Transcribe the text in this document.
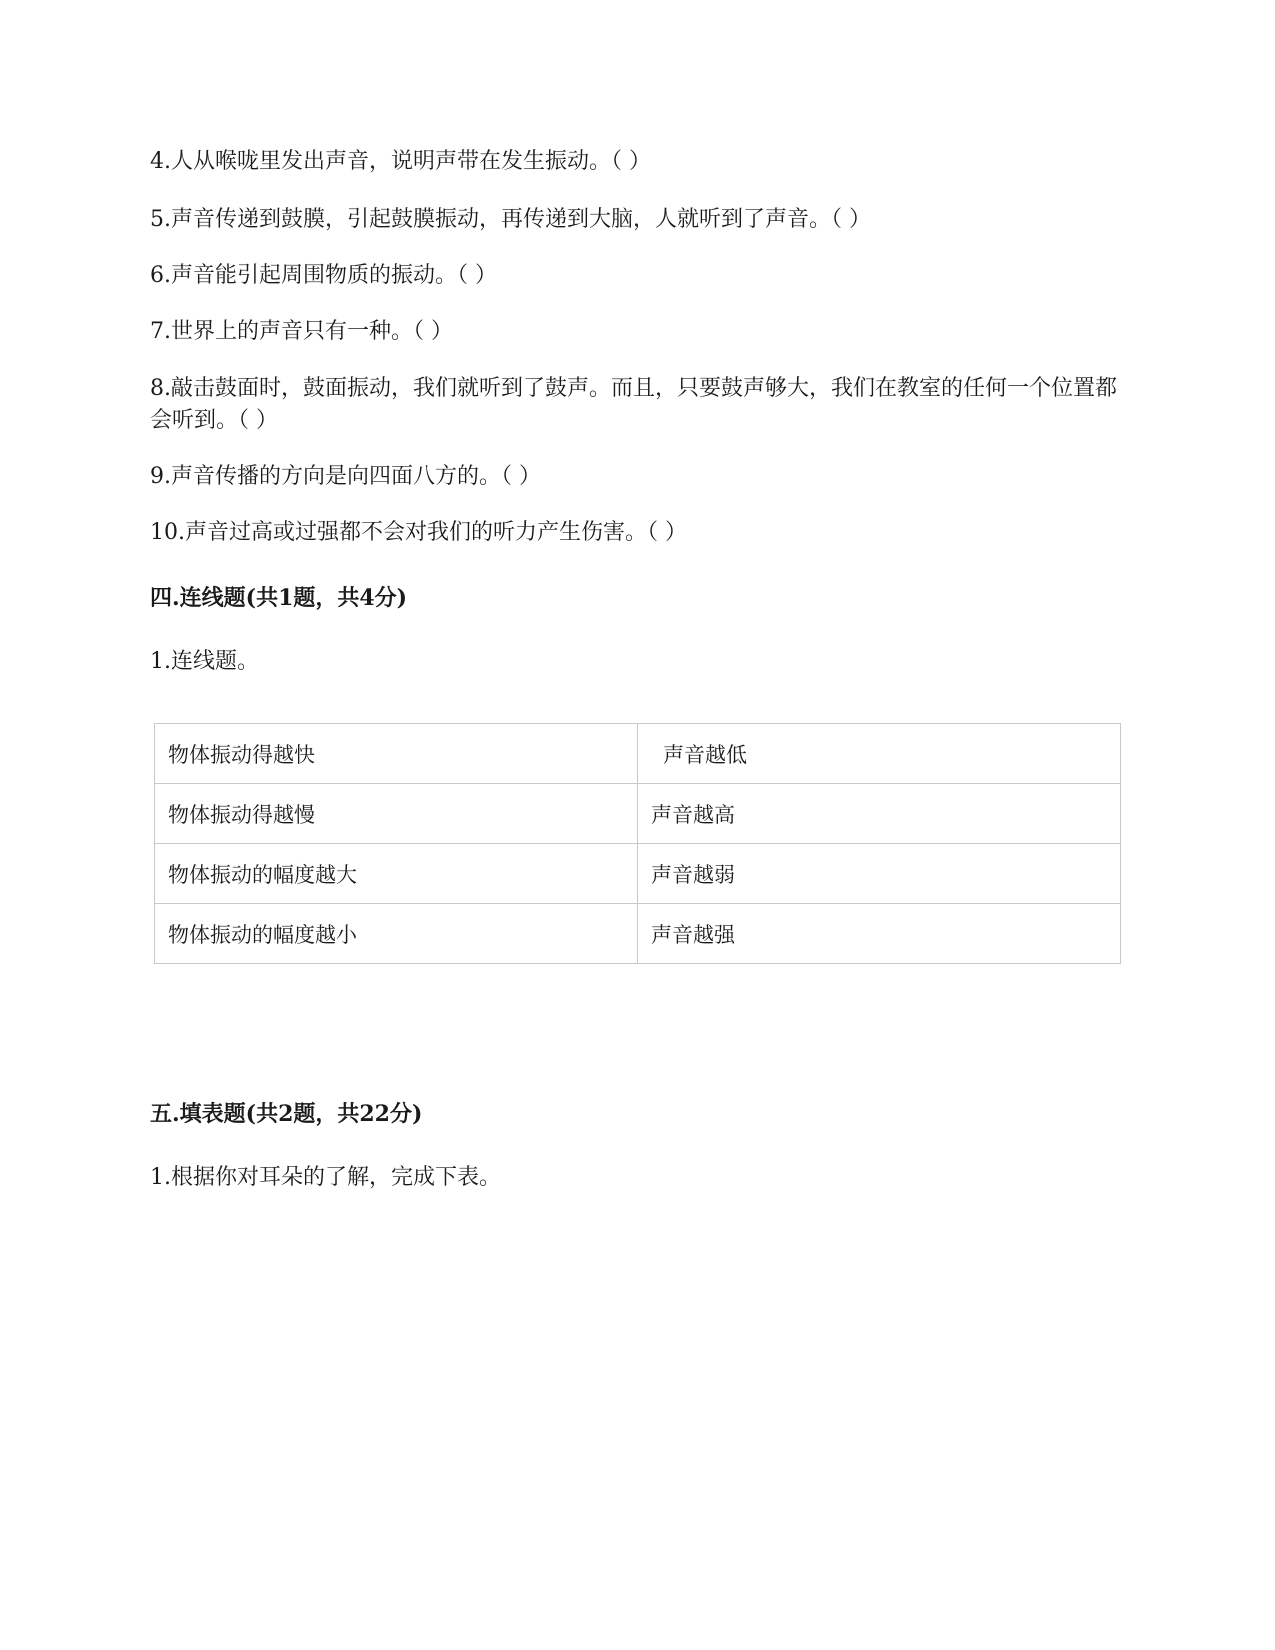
4.人从喉咙里发出声音，说明声带在发生振动。（ ）
5.声音传递到鼓膜，引起鼓膜振动，再传递到大脑，人就听到了声音。（ ）
6.声音能引起周围物质的振动。（ ）
7.世界上的声音只有一种。（ ）
8.敲击鼓面时，鼓面振动，我们就听到了鼓声。而且，只要鼓声够大，我们在教室的任何一个位置都会听到。（ ）
9.声音传播的方向是向四面八方的。（ ）
10.声音过高或过强都不会对我们的听力产生伤害。（ ）
四.连线题(共1题，共4分)
1.连线题。
物体振动得越快	声音越低
物体振动得越慢	声音越高
物体振动的幅度越大	声音越弱
物体振动的幅度越小	声音越强
五.填表题(共2题，共22分)
1.根据你对耳朵的了解，完成下表。
